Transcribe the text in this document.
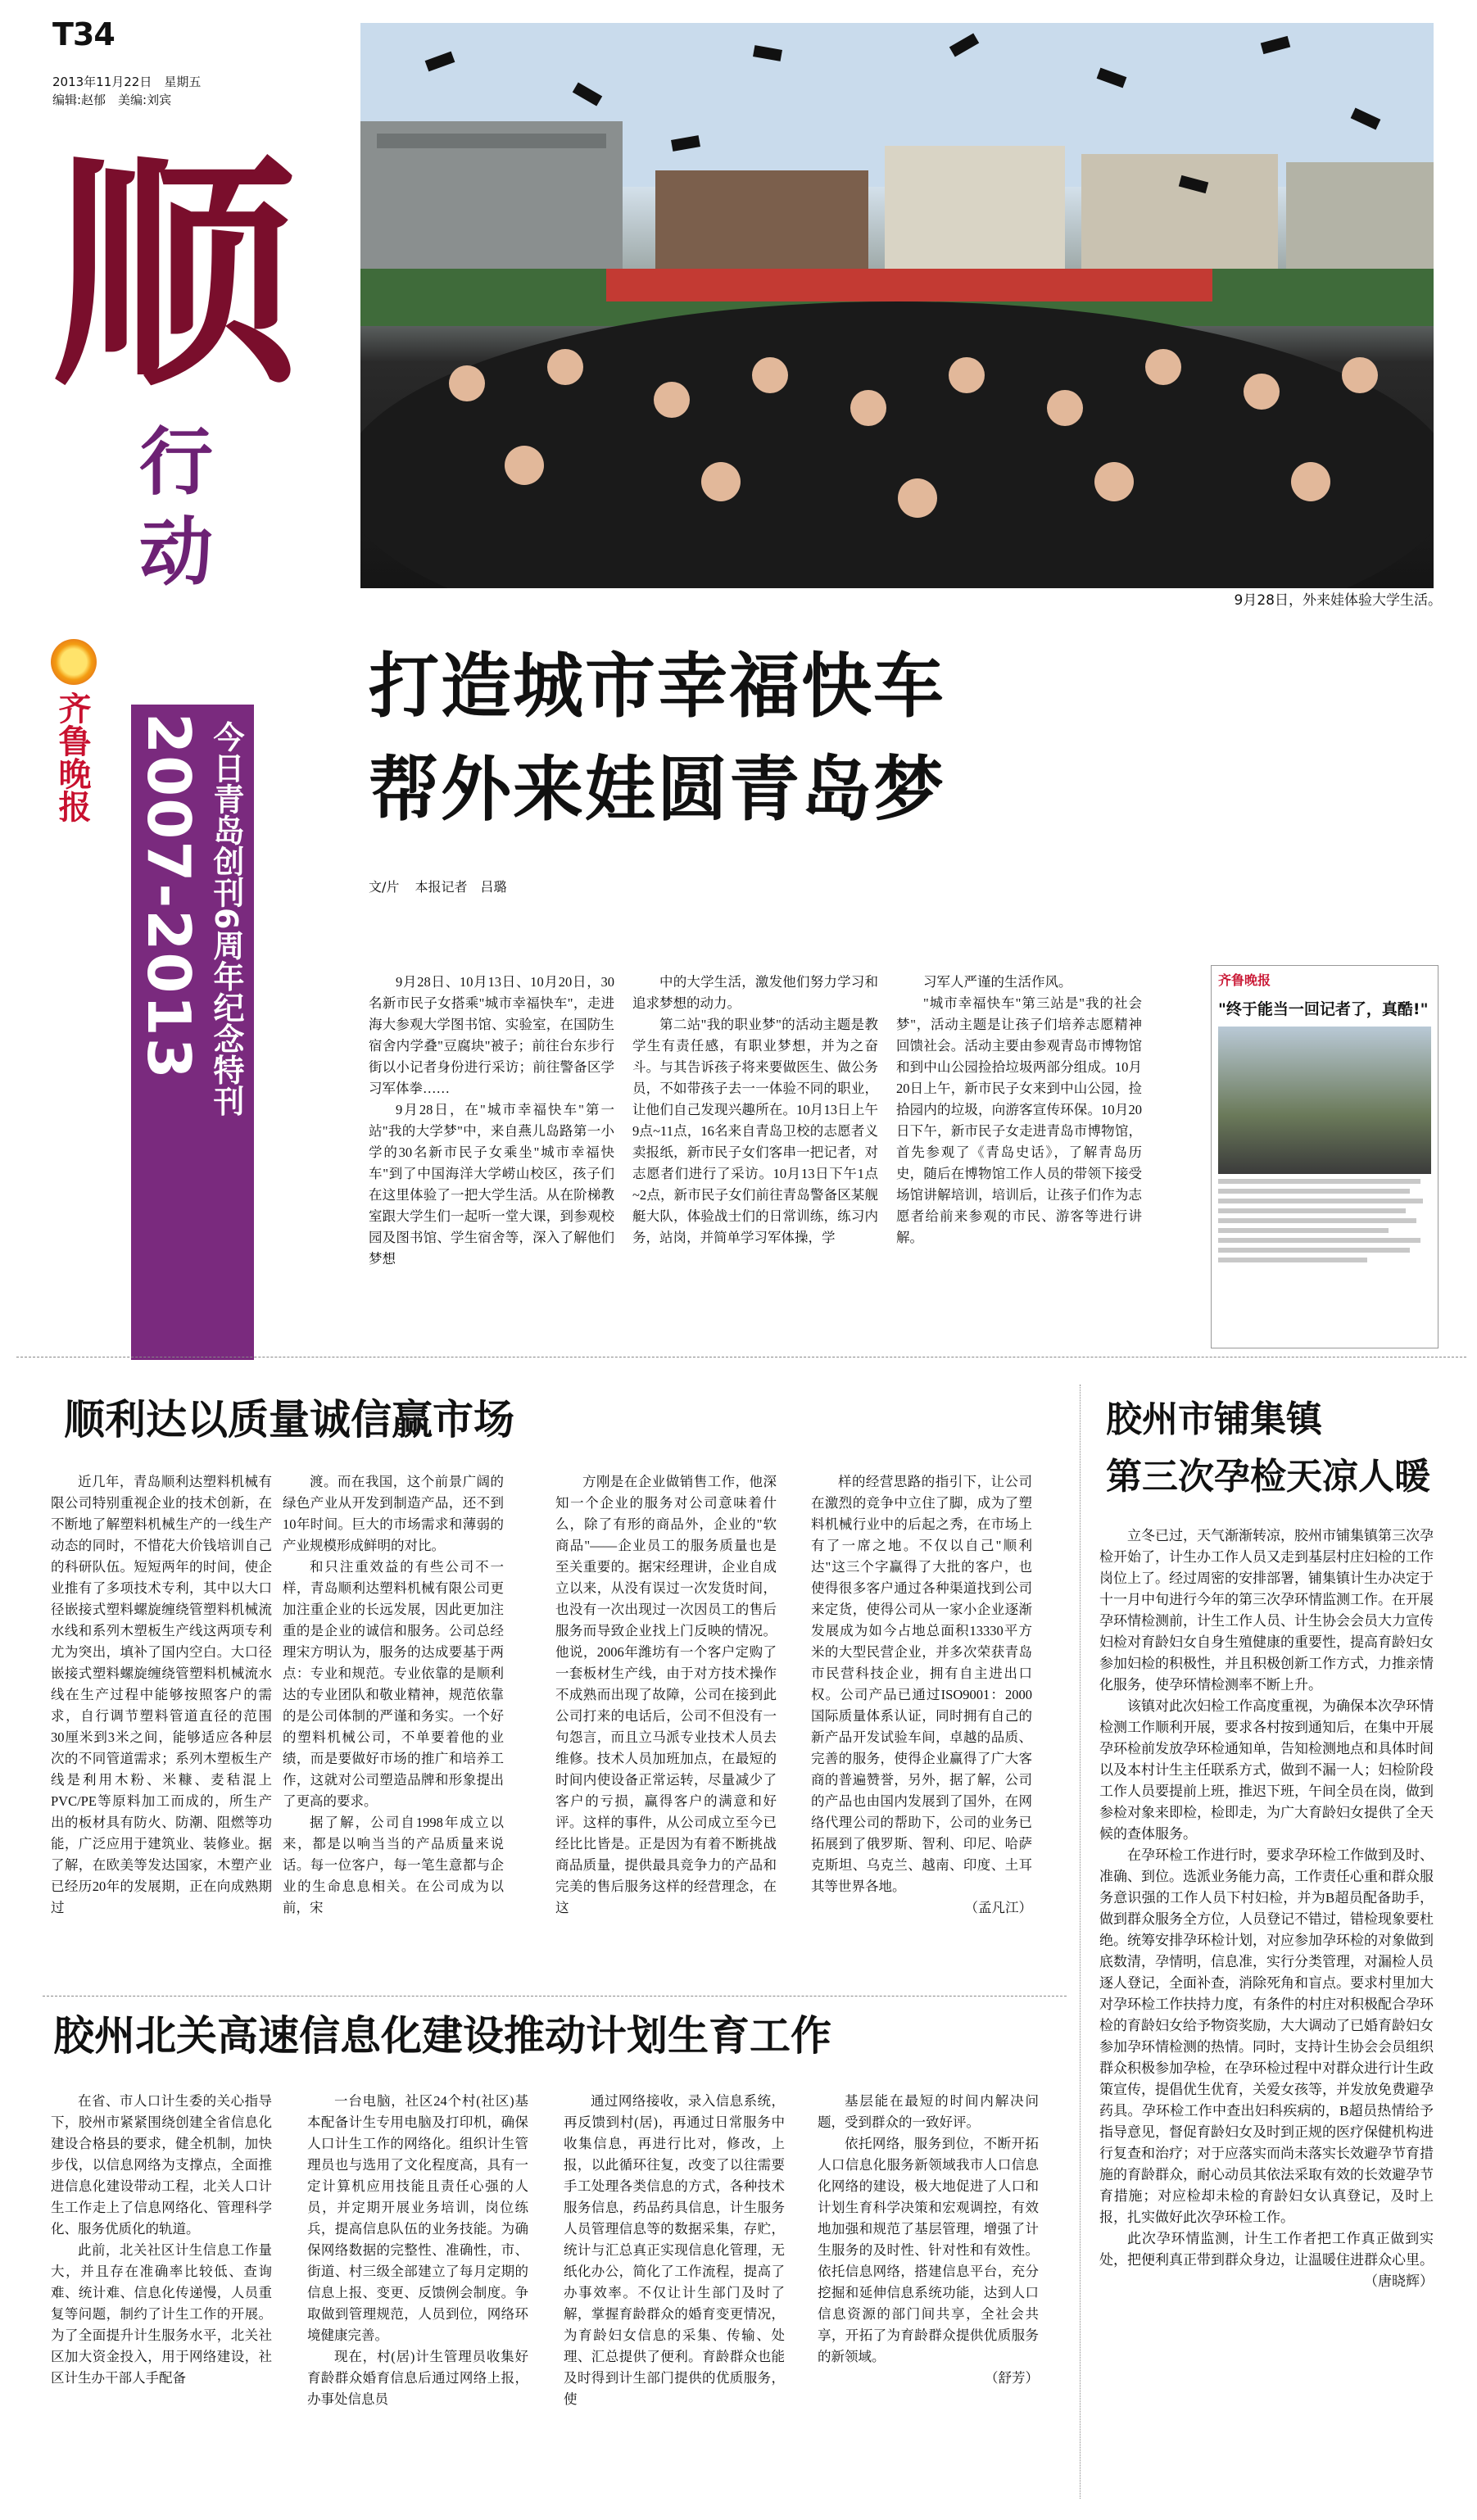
T34
2013年11月22日　星期五
编辑:赵郁　美编:刘宾
顺
行
动
齐鲁晚报 2007-2013 今日青岛创刊6周年纪念特刊
9月28日，外来娃体验大学生活。
打造城市幸福快车
帮外来娃圆青岛梦
文/片 本报记者　吕璐

9月28日、10月13日、10月20日，30名新市民子女搭乘"城市幸福快车"，走进海大参观大学图书馆、实验室，在国防生宿舍内学叠"豆腐块"被子；前往台东步行街以小记者身份进行采访；前往警备区学习军体拳……

9月28日，在"城市幸福快车"第一站"我的大学梦"中，来自燕儿岛路第一小学的30名新市民子女乘坐"城市幸福快车"到了中国海洋大学崂山校区，孩子们在这里体验了一把大学生活。从在阶梯教室跟大学生们一起听一堂大课，到参观校园及图书馆、学生宿舍等，深入了解他们梦想

中的大学生活，激发他们努力学习和追求梦想的动力。

第二站"我的职业梦"的活动主题是教学生有责任感，有职业梦想，并为之奋斗。与其告诉孩子将来要做医生、做公务员，不如带孩子去一一体验不同的职业，让他们自己发现兴趣所在。10月13日上午9点~11点，16名来自青岛卫校的志愿者义卖报纸，新市民子女们客串一把记者，对志愿者们进行了采访。10月13日下午1点~2点，新市民子女们前往青岛警备区某舰艇大队，体验战士们的日常训练，练习内务，站岗，并简单学习军体操，学

习军人严谨的生活作风。

"城市幸福快车"第三站是"我的社会梦"，活动主题是让孩子们培养志愿精神回馈社会。活动主要由参观青岛市博物馆和到中山公园捡拾垃圾两部分组成。10月20日上午，新市民子女来到中山公园，捡拾园内的垃圾，向游客宣传环保。10月20日下午，新市民子女走进青岛市博物馆，首先参观了《青岛史话》，了解青岛历史，随后在博物馆工作人员的带领下接受场馆讲解培训，培训后，让孩子们作为志愿者给前来参观的市民、游客等进行讲解。

齐鲁晚报
"终于能当一回记者了，真酷!"
顺利达以质量诚信赢市场

近几年，青岛顺利达塑料机械有限公司特别重视企业的技术创新，在不断地了解塑料机械生产的一线生产动态的同时，不惜花大价钱培训自己的科研队伍。短短两年的时间，使企业推有了多项技术专利，其中以大口径嵌接式塑料螺旋缠绕管塑料机械流水线和系列木塑板生产线这两项专利尤为突出，填补了国内空白。大口径嵌接式塑料螺旋缠绕管塑料机械流水线在生产过程中能够按照客户的需求，自行调节塑料管道直径的范围　30厘米到3米之间，能够适应各种层次的不同管道需求；系列木塑板生产线是利用木粉、米糠、麦秸混上PVC/PE等原料加工而成的，所生产出的板材具有防火、防潮、阻燃等功能，广泛应用于建筑业、装修业。据了解，在欧美等发达国家，木塑产业已经历20年的发展期，正在向成熟期过

渡。而在我国，这个前景广阔的绿色产业从开发到制造产品，还不到　10年时间。巨大的市场需求和薄弱的产业规模形成鲜明的对比。

和只注重效益的有些公司不一样，青岛顺利达塑料机械有限公司更加注重企业的长远发展，因此更加注重的是企业的诚信和服务。公司总经理宋方明认为，服务的达成要基于两点：专业和规范。专业依靠的是顺利达的专业团队和敬业精神，规范依靠的是公司体制的严谨和务实。一个好的塑料机械公司，不单要着他的业绩，而是要做好市场的推广和培养工作，这就对公司塑造品牌和形象提出了更高的要求。

据了解，公司自1998年成立以来，都是以响当当的产品质量来说话。每一位客户，每一笔生意都与企业的生命息息相关。在公司成为以前，宋

方刚是在企业做销售工作，他深知一个企业的服务对公司意味着什么，除了有形的商品外，企业的"软商品"——企业员工的服务质量也是至关重要的。据宋经理讲，企业自成立以来，从没有误过一次发货时间，也没有一次出现过一次因员工的售后服务而导致企业找上门反映的情况。他说，2006年潍坊有一个客户定购了一套板材生产线，由于对方技术操作不成熟而出现了故障，公司在接到此公司打来的电话后，公司不但没有一句怨言，而且立马派专业技术人员去维修。技术人员加班加点，在最短的时间内使设备正常运转，尽量减少了客户的亏损，赢得客户的满意和好评。这样的事件，从公司成立至今已经比比皆是。正是因为有着不断挑战商品质量，提供最具竞争力的产品和完美的售后服务这样的经营理念，在这

样的经营思路的指引下，让公司在激烈的竞争中立住了脚，成为了塑料机械行业中的后起之秀，在市场上有了一席之地。不仅以自己"顺利达"这三个字赢得了大批的客户，也使得很多客户通过各种渠道找到公司来定货，使得公司从一家小企业逐渐发展成为如今占地总面积13330平方米的大型民营企业，并多次荣获青岛市民营科技企业，拥有自主进出口权。公司产品已通过ISO9001：2000国际质量体系认证，同时拥有自己的新产品开发试验车间，卓越的品质、完善的服务，使得企业赢得了广大客商的普遍赞誉，另外，据了解，公司的产品也由国内发展到了国外，在网络代理公司的帮助下，公司的业务已拓展到了俄罗斯、智利、印尼、哈萨克斯坦、乌克兰、越南、印度、土耳其等世界各地。

（孟凡江）

胶州市铺集镇
第三次孕检天凉人暖

立冬已过，天气渐渐转凉，胶州市铺集镇第三次孕检开始了，计生办工作人员又走到基层村庄妇检的工作岗位上了。经过周密的安排部署，铺集镇计生办决定于十一月中旬进行今年的第三次孕环情监测工作。在开展孕环情检测前，计生工作人员、计生协会会员大力宣传妇检对育龄妇女自身生殖健康的重要性，提高育龄妇女参加妇检的积极性，并且积极创新工作方式，力推亲情化服务，使孕环情检测率不断上升。

该镇对此次妇检工作高度重视，为确保本次孕环情检测工作顺利开展，要求各村按到通知后，在集中开展孕环检前发放孕环检通知单，告知检测地点和具体时间以及本村计生主任联系方式，做到不漏一人；妇检阶段工作人员要提前上班，推迟下班，午间全员在岗，做到参检对象来即检，检即走，为广大育龄妇女提供了全天候的查体服务。

在孕环检工作进行时，要求孕环检工作做到及时、准确、到位。选派业务能力高，工作责任心重和群众服务意识强的工作人员下村妇检，并为B超员配备助手，做到群众服务全方位，人员登记不错过，错检现象要杜绝。统筹安排孕环检计划，对应参加孕环检的对象做到底数清，孕情明，信息准，实行分类管理，对漏检人员逐人登记，全面补查，消除死角和盲点。要求村里加大对孕环检工作扶持力度，有条件的村庄对积极配合孕环检的育龄妇女给予物资奖励，大大调动了已婚育龄妇女参加孕环情检测的热情。同时，支持计生协会会员组织群众积极参加孕检，在孕环检过程中对群众进行计生政策宣传，提倡优生优育，关爱女孩等，并发放免费避孕药具。孕环检工作中查出妇科疾病的，B超员热情给予指导意见，督促育龄妇女及时到正规的医疗保健机构进行复查和治疗；对于应落实而尚未落实长效避孕节育措施的育龄群众，耐心动员其依法采取有效的长效避孕节育措施；对应检却未检的育龄妇女认真登记，及时上报，扎实做好此次孕环检工作。

此次孕环情监测，计生工作者把工作真正做到实处，把便利真正带到群众身边，让温暖住进群众心里。

（唐晓辉）

胶州北关高速信息化建设推动计划生育工作

在省、市人口计生委的关心指导下，胶州市紧紧围绕创建全省信息化建设合格县的要求，健全机制，加快步伐，以信息网络为支撑点，全面推进信息化建设带动工程，北关人口计生工作走上了信息网络化、管理科学化、服务优质化的轨道。

此前，北关社区计生信息工作量大，并且存在准确率比较低、查询难、统计难、信息化传递慢，人员重复等问题，制约了计生工作的开展。为了全面提升计生服务水平，北关社区加大资金投入，用于网络建设，社区计生办干部人手配备

一台电脑，社区24个村(社区)基本配备计生专用电脑及打印机，确保人口计生工作的网络化。组织计生管理员也与选用了文化程度高，具有一定计算机应用技能且责任心强的人员，并定期开展业务培训，岗位练兵，提高信息队伍的业务技能。为确保网络数据的完整性、准确性，市、街道、村三级全部建立了每月定期的信息上报、变更、反馈例会制度。争取做到管理规范，人员到位，网络环境健康完善。

现在，村(居)计生管理员收集好育龄群众婚育信息后通过网络上报，办事处信息员

通过网络接收，录入信息系统，再反馈到村(居)，再通过日常服务中收集信息，再进行比对，修改，上报，以此循环往复，改变了以往需要手工处理各类信息的方式，各种技术服务信息，药品药具信息，计生服务人员管理信息等的数据采集，存贮，统计与汇总真正实现信息化管理，无纸化办公，简化了工作流程，提高了办事效率。不仅让计生部门及时了解，掌握育龄群众的婚育变更情况，为育龄妇女信息的采集、传输、处理、汇总提供了便利。育龄群众也能及时得到计生部门提供的优质服务，使

基层能在最短的时间内解决问题，受到群众的一致好评。

依托网络，服务到位，不断开拓人口信息化服务新领域我市人口信息化网络的建设，极大地促进了人口和计划生育科学决策和宏观调控，有效地加强和规范了基层管理，增强了计生服务的及时性、针对性和有效性。依托信息网络，搭建信息平台，充分挖掘和延伸信息系统功能，达到人口信息资源的部门间共享，全社会共享，开拓了为育龄群众提供优质服务的新领域。

（舒芳）
